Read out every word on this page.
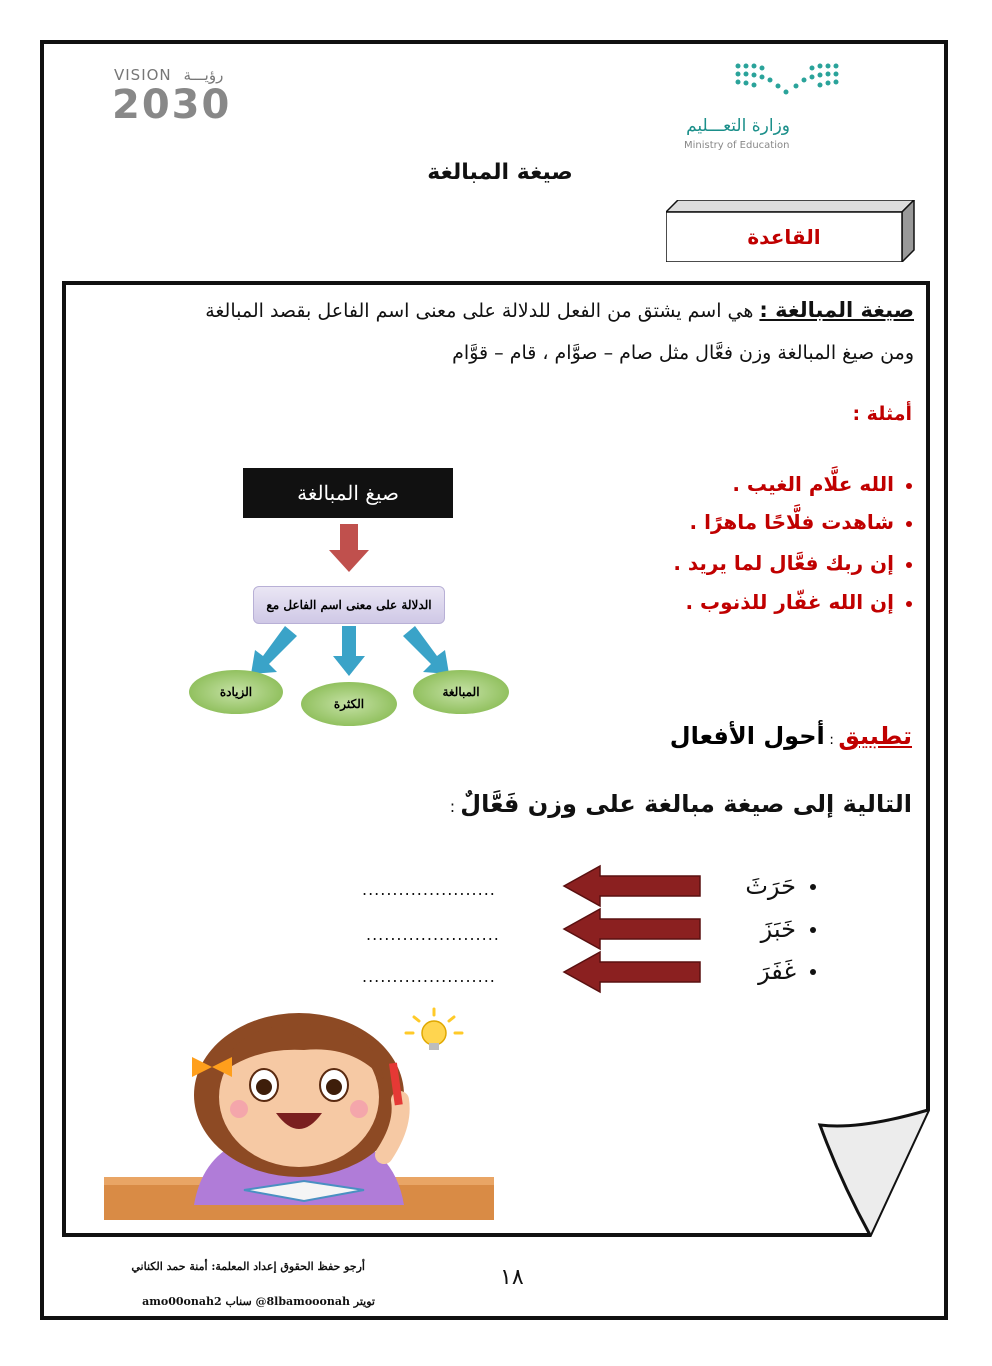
VISION رؤيـــة
2030	وزارة التعـــليم
Ministry of Education
صيغة المبالغة
القاعدة
صيغة المبالغة : هي اسم يشتق من الفعل للدلالة على معنى اسم الفاعل بقصد المبالغة
ومن صيغ المبالغة وزن فعَّال مثل صام – صوَّام ، قام – قوَّام
أمثلة :
الله علَّام الغيب .
شاهدت فلَّاحًا ماهرًا .
إن ربك فعَّال لما يريد .
إن الله غفّار للذنوب .
صيغ المبالغة
الدلالة على معنى اسم الفاعل مع
الزيادة
الكثرة
المبالغة
تطبيق : أحول الأفعال
التالية إلى صيغة مبالغة على وزن فَعَّالٌ :
حَرَثَ
خَبَزَ
غَفَرَ
......................
......................
......................
أرجو حفظ الحقوق إعداد المعلمة: أمنة حمد الكناني
تويتر 8lbamooonah@ سناب amo00onah2
١٨
